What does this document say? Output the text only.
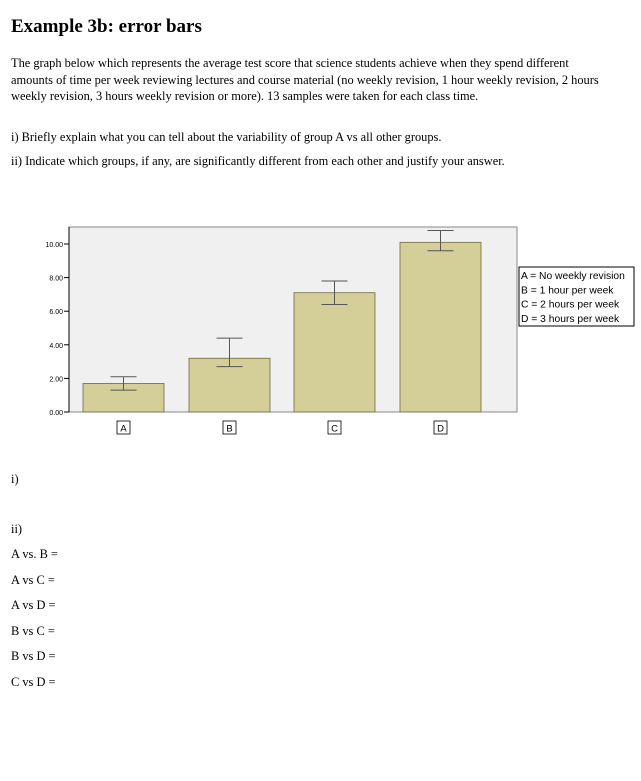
Example 3b: error bars

The graph below which represents the average test score that science students achieve when they spend different amounts of time per week reviewing lectures and course material (no weekly revision, 1 hour weekly revision, 2 hours weekly revision, 3 hours weekly revision or more). 13 samples were taken for each class time.

i) Briefly explain what you can tell about the variability of group A vs all other groups.

ii) Indicate which groups, if any, are significantly different from each other and justify your answer.

0.00
2.00
4.00
6.00
8.00
10.00
A	B	C	D
A = No weekly revision
B = 1 hour per week
C = 2 hours per week
D = 3 hours per week

i)

ii)

A vs. B =

A vs C =

A vs D =

B vs C =

B vs D =

C vs D =
